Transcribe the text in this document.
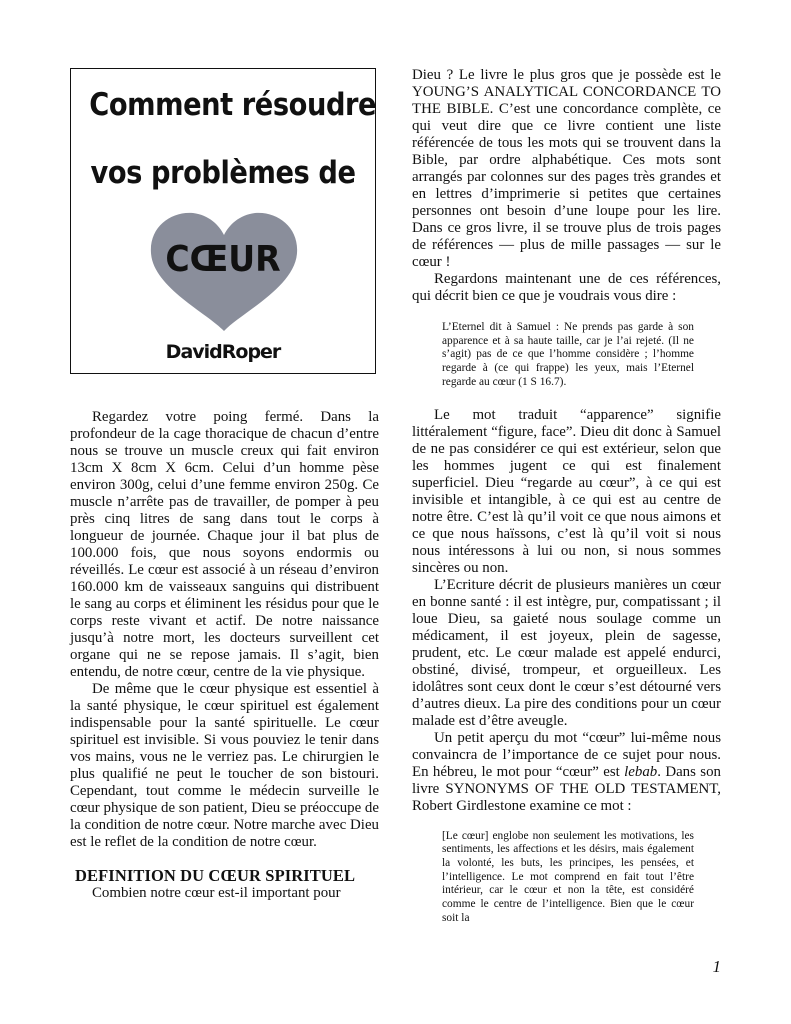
Comment résoudre
vos problèmes de
CŒUR
DavidRoper

Regardez votre poing fermé. Dans la profondeur de la cage thoracique de chacun d’entre nous se trouve un muscle creux qui fait environ 13cm X 8cm X 6cm. Celui d’un homme pèse environ 300g, celui d’une femme environ 250g. Ce muscle n’arrête pas de travailler, de pomper à peu près cinq litres de sang dans tout le corps à longueur de journée. Chaque jour il bat plus de 100.000 fois, que nous soyons endormis ou réveillés. Le cœur est associé à un réseau d’environ 160.000 km de vaisseaux sanguins qui distribuent le sang au corps et éliminent les résidus pour que le corps reste vivant et actif. De notre naissance jusqu’à notre mort, les docteurs surveillent cet organe qui ne se repose jamais. Il s’agit, bien entendu, de notre cœur, centre de la vie physique.

De même que le cœur physique est essentiel à la santé physique, le cœur spirituel est également indispensable pour la santé spirituelle. Le cœur spirituel est invisible. Si vous pouviez le tenir dans vos mains, vous ne le verriez pas. Le chirurgien le plus qualifié ne peut le toucher de son bistouri. Cependant, tout comme le médecin surveille le cœur physique de son patient, Dieu se préoccupe de la condition de notre cœur. Notre marche avec Dieu est le reflet de la condition de notre cœur.

DEFINITION DU CŒUR SPIRITUEL

Combien notre cœur est-il important pour

Dieu ? Le livre le plus gros que je possède est le YOUNG’S ANALYTICAL CONCORDANCE TO THE BIBLE. C’est une concordance complète, ce qui veut dire que ce livre contient une liste référencée de tous les mots qui se trouvent dans la Bible, par ordre alphabétique. Ces mots sont arrangés par colonnes sur des pages très grandes et en lettres d’imprimerie si petites que certaines personnes ont besoin d’une loupe pour les lire. Dans ce gros livre, il se trouve plus de trois pages de références — plus de mille passages — sur le cœur !

Regardons maintenant une de ces références, qui décrit bien ce que je voudrais vous dire :

L’Eternel dit à Samuel : Ne prends pas garde à son apparence et à sa haute taille, car je l’ai rejeté. (Il ne s’agit) pas de ce que l’homme considère ; l’homme regarde à (ce qui frappe) les yeux, mais l’Eternel regarde au cœur (1 S 16.7).

Le mot traduit “apparence” signifie littéralement “figure, face”. Dieu dit donc à Samuel de ne pas considérer ce qui est extérieur, selon que les hommes jugent ce qui est finalement superficiel. Dieu “regarde au cœur”, à ce qui est invisible et intangible, à ce qui est au centre de notre être. C’est là qu’il voit ce que nous aimons et ce que nous haïssons, c’est là qu’il voit si nous nous intéressons à lui ou non, si nous sommes sincères ou non.

L’Ecriture décrit de plusieurs manières un cœur en bonne santé : il est intègre, pur, compatissant ; il loue Dieu, sa gaieté nous soulage comme un médicament, il est joyeux, plein de sagesse, prudent, etc. Le cœur malade est appelé endurci, obstiné, divisé, trompeur, et orgueilleux. Les idolâtres sont ceux dont le cœur s’est détourné vers d’autres dieux. La pire des conditions pour un cœur malade est d’être aveugle.

Un petit aperçu du mot “cœur” lui-même nous convaincra de l’importance de ce sujet pour nous. En hébreu, le mot pour “cœur” est lebab. Dans son livre SYNONYMS OF THE OLD TESTAMENT, Robert Girdlestone examine ce mot :

[Le cœur] englobe non seulement les motivations, les sentiments, les affections et les désirs, mais également la volonté, les buts, les principes, les pensées, et l’intelligence. Le mot comprend en fait tout l’être intérieur, car le cœur et non la tête, est considéré comme le centre de l’intelligence. Bien que le cœur soit la
1
